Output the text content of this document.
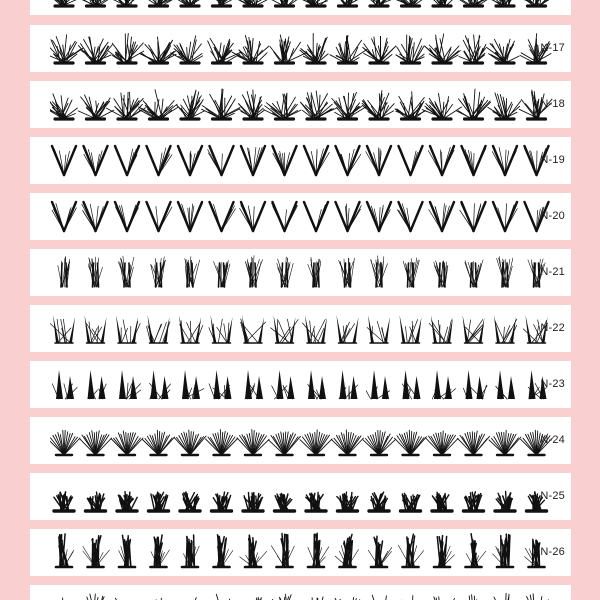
N-17
N-18
N-19
N-20
N-21
N-22
N-23
N-24
N-25
N-26
